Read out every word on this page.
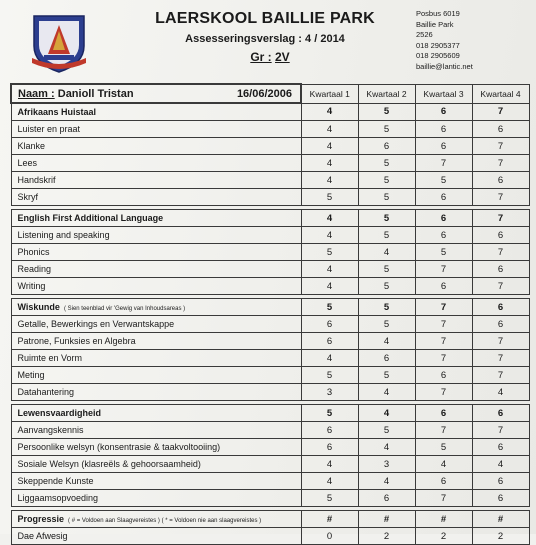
LAERSKOOL BAILLIE PARK
Assesseringsverslag : 4 / 2014
Gr : 2V
Posbus 6019
Baillie Park
2526
018 2905377
018 2905609
baillie@lantic.net
Naam : Danioll Tristan 16/06/2006	Kwartaal 1	Kwartaal 2	Kwartaal 3	Kwartaal 4
Afrikaans Huistaal	4	5	6	7
Luister en praat	4	5	6	6
Klanke	4	6	6	7
Lees	4	5	7	7
Handskrif	4	5	5	6
Skryf	5	5	6	7

English First Additional Language	4	5	6	7
Listening and speaking	4	5	6	6
Phonics	5	4	5	7
Reading	4	5	7	6
Writing	4	5	6	7

Wiskunde ( Sien teenblad vir 'Gewig van Inhoudsareas )	5	5	7	6
Getalle, Bewerkings en Verwantskappe	6	5	7	6
Patrone, Funksies en Algebra	6	4	7	7
Ruimte en Vorm	4	6	7	7
Meting	5	5	6	7
Datahantering	3	4	7	4

Lewensvaardigheid	5	4	6	6
Aanvangskennis	6	5	7	7
Persoonlike welsyn (konsentrasie & taakvoltooiing)	6	4	5	6
Sosiale Welsyn (klasreëls & gehoorsaamheid)	4	3	4	4
Skeppende Kunste	4	4	6	6
Liggaamsopvoeding	5	6	7	6

Progressie ( # = Voldoen aan Slaagvereistes ) ( * = Voldoen nie aan slaagvereistes )	#	#	#	#
Dae Afwesig	0	2	2	2
